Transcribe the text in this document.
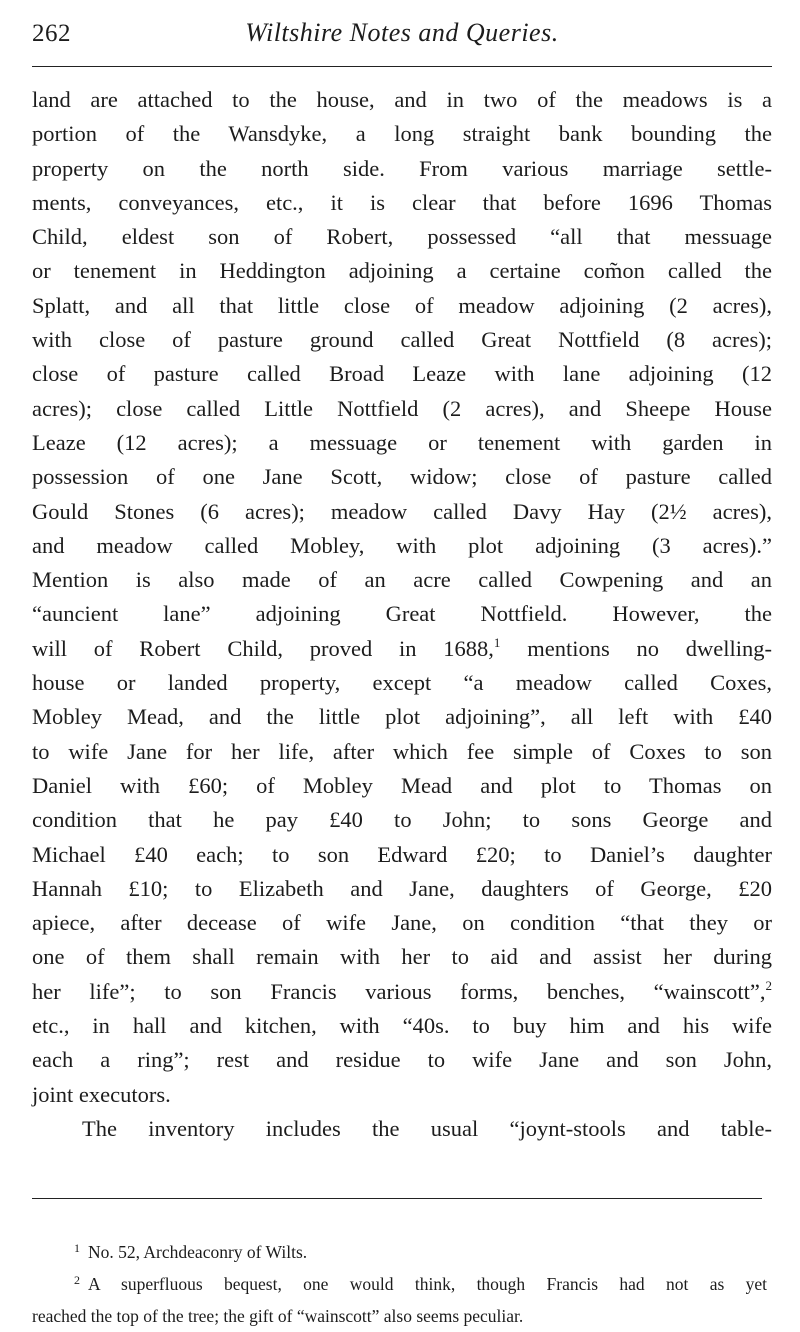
262	Wiltshire Notes and Queries.
land are attached to the house, and in two of the meadows is a
portion of the Wansdyke, a long straight bank bounding the
property on the north side. From various marriage settle-
ments, conveyances, etc., it is clear that before 1696 Thomas
Child, eldest son of Robert, possessed “all that messuage
or tenement in Heddington adjoining a certaine com̃on called the
Splatt, and all that little close of meadow adjoining (2 acres),
with close of pasture ground called Great Nottfield (8 acres);
close of pasture called Broad Leaze with lane adjoining (12
acres); close called Little Nottfield (2 acres), and Sheepe House
Leaze (12 acres); a messuage or tenement with garden in
possession of one Jane Scott, widow; close of pasture called
Gould Stones (6 acres); meadow called Davy Hay (2½ acres),
and meadow called Mobley, with plot adjoining (3 acres).”
Mention is also made of an acre called Cowpening and an
“auncient lane” adjoining Great Nottfield. However, the
will of Robert Child, proved in 1688,$^1$ mentions no dwelling-
house or landed property, except “a meadow called Coxes,
Mobley Mead, and the little plot adjoining”, all left with £40
to wife Jane for her life, after which fee simple of Coxes to son
Daniel with £60; of Mobley Mead and plot to Thomas on
condition that he pay £40 to John; to sons George and
Michael £40 each; to son Edward £20; to Daniel’s daughter
Hannah £10; to Elizabeth and Jane, daughters of George, £20
apiece, after decease of wife Jane, on condition “that they or
one of them shall remain with her to aid and assist her during
her life”; to son Francis various forms, benches, “wainscott”,$^2$
etc., in hall and kitchen, with “40s. to buy him and his wife
each a ring”; rest and residue to wife Jane and son John,
joint executors.
The inventory includes the usual “joynt-stools and table-
$^1$ No. 52, Archdeaconry of Wilts.
$^2$ A superfluous bequest, one would think, though Francis had not as yet
reached the top of the tree; the gift of “wainscott” also seems peculiar.
